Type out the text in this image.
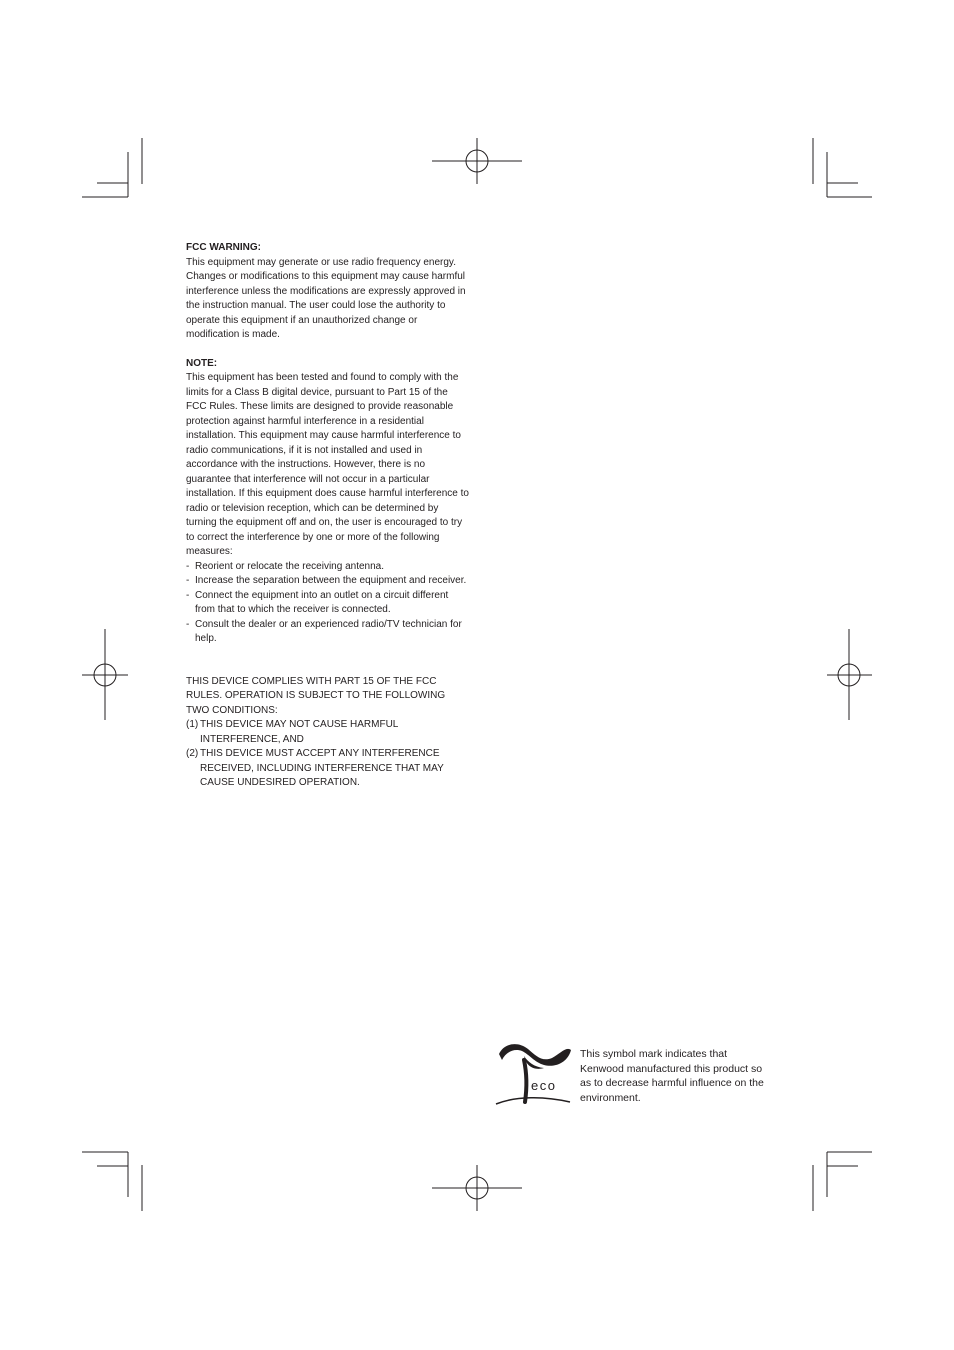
FCC WARNING:

This equipment may generate or use radio frequency energy. Changes or modifications to this equipment may cause harmful interference unless the modifications are expressly approved in the instruction manual. The user could lose the authority to operate this equipment if an unauthorized change or modification is made.

NOTE:

This equipment has been tested and found to comply with the limits for a Class B digital device, pursuant to Part 15 of the FCC Rules. These limits are designed to provide reasonable protection against harmful interference in a residential installation. This equipment may cause harmful interference to radio communications, if it is not installed and used in accordance with the instructions. However, there is no guarantee that interference will not occur in a particular installation. If this equipment does cause harmful interference to radio or television reception, which can be determined by turning the equipment off and on, the user is encouraged to try to correct the interference by one or more of the following measures:

- Reorient or relocate the receiving antenna.
- Increase the separation between the equipment and receiver.
- Connect the equipment into an outlet on a circuit different from that to which the receiver is connected.
- Consult the dealer or an experienced radio/TV technician for help.

THIS DEVICE COMPLIES WITH PART 15 OF THE FCC RULES. OPERATION IS SUBJECT TO THE FOLLOWING TWO CONDITIONS:

(1) THIS DEVICE MAY NOT CAUSE HARMFUL INTERFERENCE, AND
(2) THIS DEVICE MUST ACCEPT ANY INTERFERENCE RECEIVED, INCLUDING INTERFERENCE THAT MAY CAUSE UNDESIRED OPERATION.
eco
This symbol mark indicates that Kenwood manufactured this product so as to decrease harmful influence on the environment.
